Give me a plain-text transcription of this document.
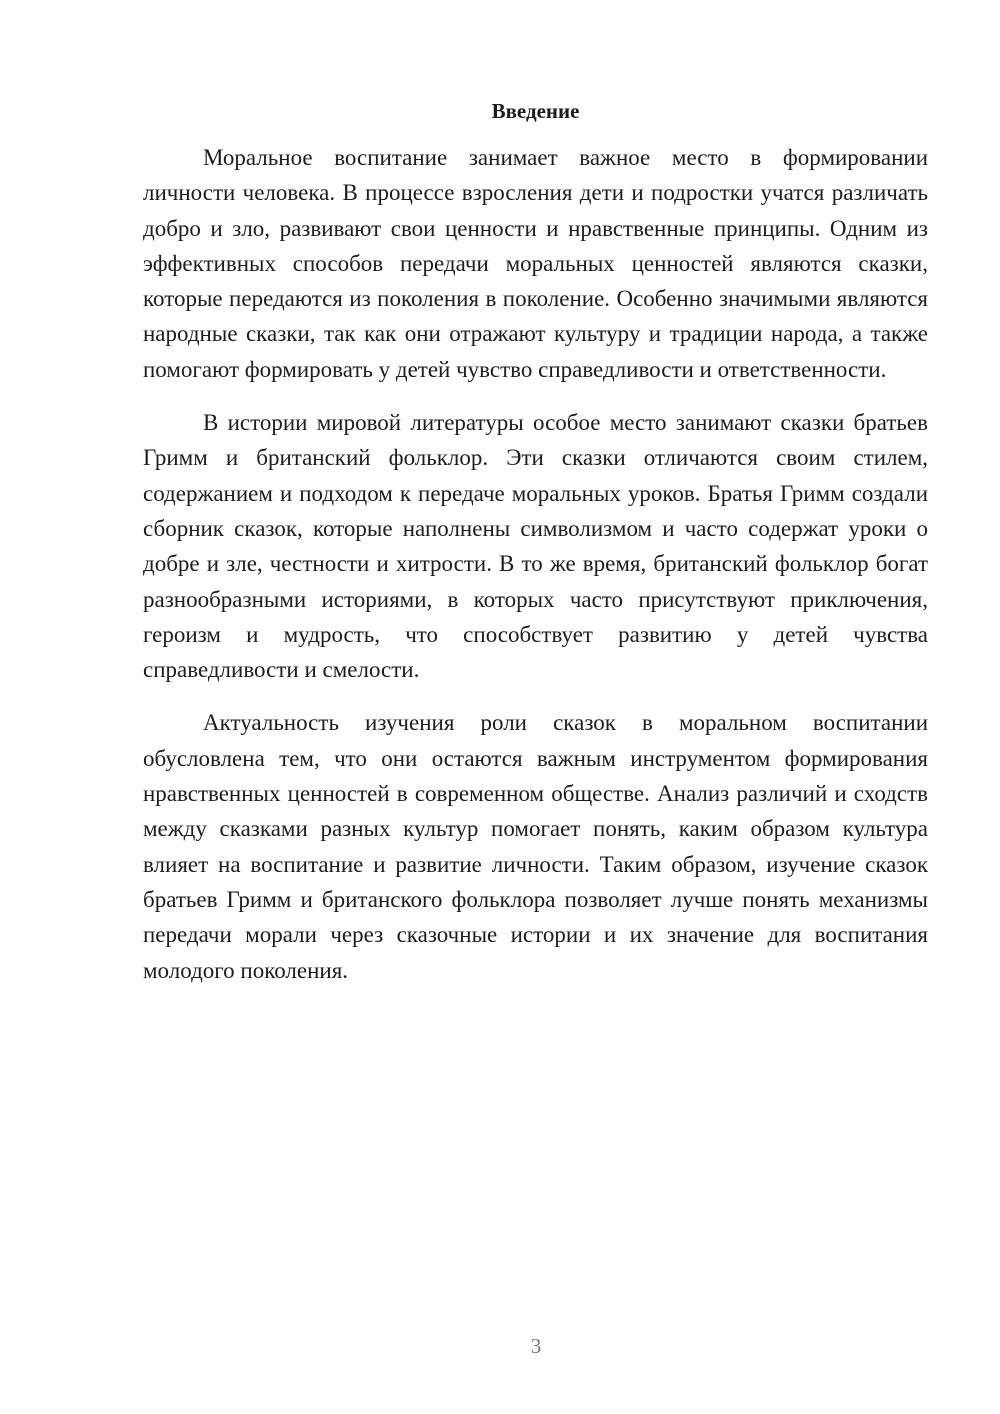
Введение

Моральное воспитание занимает важное место в формировании личности человека. В процессе взросления дети и подростки учатся различать добро и зло, развивают свои ценности и нравственные принципы. Одним из эффективных способов передачи моральных ценностей являются сказки, которые передаются из поколения в поколение. Особенно значимыми являются народные сказки, так как они отражают культуру и традиции народа, а также помогают формировать у детей чувство справедливости и ответственности.

В истории мировой литературы особое место занимают сказки братьев Гримм и британский фольклор. Эти сказки отличаются своим стилем, содержанием и подходом к передаче моральных уроков. Братья Гримм создали сборник сказок, которые наполнены символизмом и часто содержат уроки о добре и зле, честности и хитрости. В то же время, британский фольклор богат разнообразными историями, в которых часто присутствуют приключения, героизм и мудрость, что способствует развитию у детей чувства справедливости и смелости.

Актуальность изучения роли сказок в моральном воспитании обусловлена тем, что они остаются важным инструментом формирования нравственных ценностей в современном обществе. Анализ различий и сходств между сказками разных культур помогает понять, каким образом культура влияет на воспитание и развитие личности. Таким образом, изучение сказок братьев Гримм и британского фольклора позволяет лучше понять механизмы передачи морали через сказочные истории и их значение для воспитания молодого поколения.

3
